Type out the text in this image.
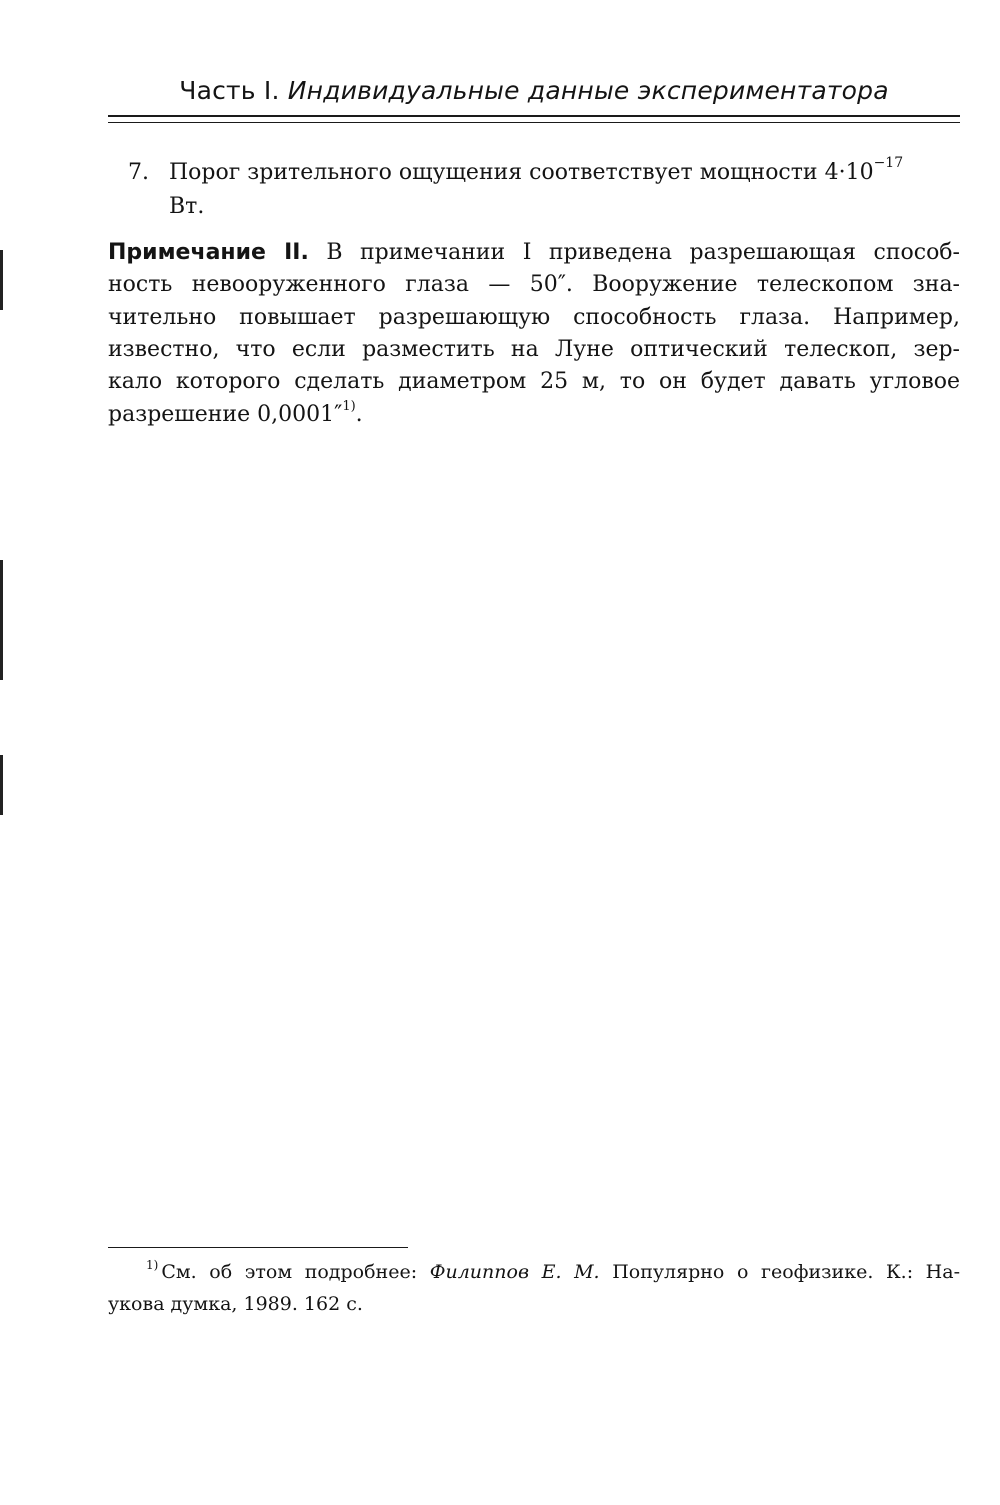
Часть I. Индивидуальные данные экспериментатора
7. Порог зрительного ощущения соответствует мощности $4\cdot 10^{-17}$
Вт.
Примечание II. В примечании I приведена разрешающая способ-
ность невооруженного глаза — 50″. Вооружение телескопом зна-
чительно повышает разрешающую способность глаза. Например,
известно, что если разместить на Луне оптический телескоп, зер-
кало которого сделать диаметром 25 м, то он будет давать угловое
разрешение 0,0001″$^{1)}$.
$^{1)}$ См. об этом подробнее: Филиппов Е. М. Популярно о геофизике. К.: На-
укова думка, 1989. 162 с.
